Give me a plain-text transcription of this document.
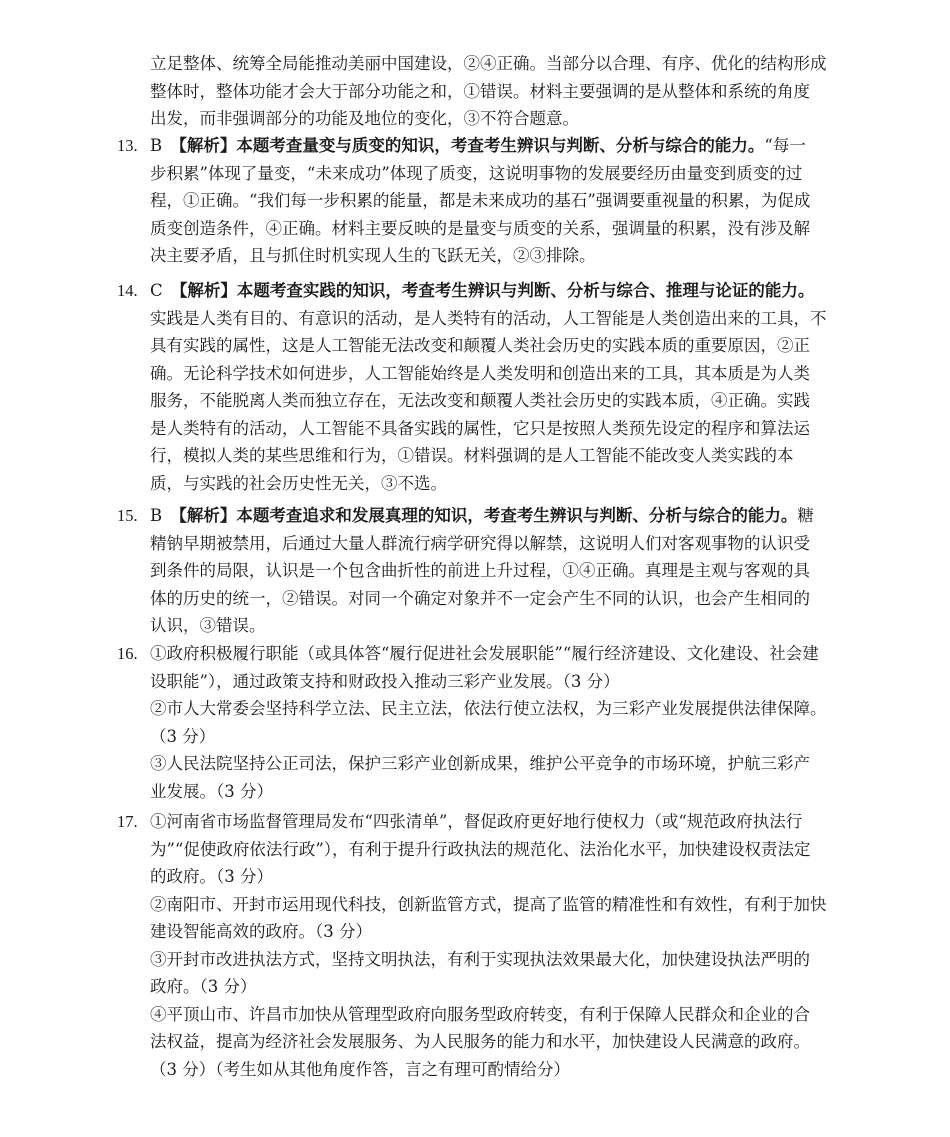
立足整体、统筹全局能推动美丽中国建设，②④正确。当部分以合理、有序、优化的结构形成
整体时，整体功能才会大于部分功能之和，①错误。材料主要强调的是从整体和系统的角度
出发，而非强调部分的功能及地位的变化，③不符合题意。
13. B  【解析】本题考查量变与质变的知识，考查考生辨识与判断、分析与综合的能力。“每一
步积累”体现了量变，“未来成功”体现了质变，这说明事物的发展要经历由量变到质变的过
程，①正确。“我们每一步积累的能量，都是未来成功的基石”强调要重视量的积累，为促成
质变创造条件，④正确。材料主要反映的是量变与质变的关系，强调量的积累，没有涉及解
决主要矛盾，且与抓住时机实现人生的飞跃无关，②③排除。
14. C  【解析】本题考查实践的知识，考查考生辨识与判断、分析与综合、推理与论证的能力。
实践是人类有目的、有意识的活动，是人类特有的活动，人工智能是人类创造出来的工具，不
具有实践的属性，这是人工智能无法改变和颠覆人类社会历史的实践本质的重要原因，②正
确。无论科学技术如何进步，人工智能始终是人类发明和创造出来的工具，其本质是为人类
服务，不能脱离人类而独立存在，无法改变和颠覆人类社会历史的实践本质，④正确。实践
是人类特有的活动，人工智能不具备实践的属性，它只是按照人类预先设定的程序和算法运
行，模拟人类的某些思维和行为，①错误。材料强调的是人工智能不能改变人类实践的本
质，与实践的社会历史性无关，③不选。
15. B  【解析】本题考查追求和发展真理的知识，考查考生辨识与判断、分析与综合的能力。糖
精钠早期被禁用，后通过大量人群流行病学研究得以解禁，这说明人们对客观事物的认识受
到条件的局限，认识是一个包含曲折性的前进上升过程，①④正确。真理是主观与客观的具
体的历史的统一，②错误。对同一个确定对象并不一定会产生不同的认识，也会产生相同的
认识，③错误。
16. ①政府积极履行职能（或具体答“履行促进社会发展职能”“履行经济建设、文化建设、社会建
设职能”），通过政策支持和财政投入推动三彩产业发展。（3 分）
②市人大常委会坚持科学立法、民主立法，依法行使立法权，为三彩产业发展提供法律保障。
（3 分）
③人民法院坚持公正司法，保护三彩产业创新成果，维护公平竞争的市场环境，护航三彩产
业发展。（3 分）
17. ①河南省市场监督管理局发布“四张清单”，督促政府更好地行使权力（或“规范政府执法行
为”“促使政府依法行政”），有利于提升行政执法的规范化、法治化水平，加快建设权责法定
的政府。（3 分）
②南阳市、开封市运用现代科技，创新监管方式，提高了监管的精准性和有效性，有利于加快
建设智能高效的政府。（3 分）
③开封市改进执法方式，坚持文明执法，有利于实现执法效果最大化，加快建设执法严明的
政府。（3 分）
④平顶山市、许昌市加快从管理型政府向服务型政府转变，有利于保障人民群众和企业的合
法权益，提高为经济社会发展服务、为人民服务的能力和水平，加快建设人民满意的政府。
（3 分）（考生如从其他角度作答，言之有理可酌情给分）
